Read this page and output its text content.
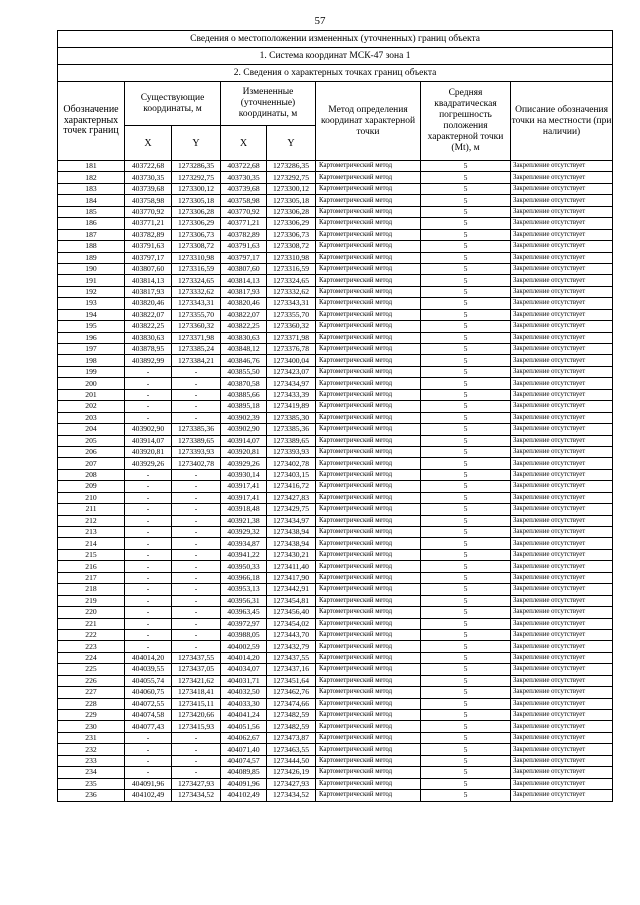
57
Сведения о местоположении измененных (уточненных) границ объекта							
1. Система координат МСК-47 зона 1							
2. Сведения о характерных точках границ объекта							
Обозначение характерных точек границ	Существующие координаты, м		Измененные (уточненные) координаты, м		Метод определения координат характерной точки	Средняя квадратическая погрешность положения характерной точки (Mt), м	Описание обозначения точки на местности (при наличии)
	X	Y	X	Y			
181	403722,68	1273286,35	403722,68	1273286,35	Картометрический метод	5	Закрепление отсутствует
182	403730,35	1273292,75	403730,35	1273292,75	Картометрический метод	5	Закрепление отсутствует
183	403739,68	1273300,12	403739,68	1273300,12	Картометрический метод	5	Закрепление отсутствует
184	403758,98	1273305,18	403758,98	1273305,18	Картометрический метод	5	Закрепление отсутствует
185	403770,92	1273306,28	403770,92	1273306,28	Картометрический метод	5	Закрепление отсутствует
186	403771,21	1273306,29	403771,21	1273306,29	Картометрический метод	5	Закрепление отсутствует
187	403782,89	1273306,73	403782,89	1273306,73	Картометрический метод	5	Закрепление отсутствует
188	403791,63	1273308,72	403791,63	1273308,72	Картометрический метод	5	Закрепление отсутствует
189	403797,17	1273310,98	403797,17	1273310,98	Картометрический метод	5	Закрепление отсутствует
190	403807,60	1273316,59	403807,60	1273316,59	Картометрический метод	5	Закрепление отсутствует
191	403814,13	1273324,65	403814,13	1273324,65	Картометрический метод	5	Закрепление отсутствует
192	403817,93	1273332,62	403817,93	1273332,62	Картометрический метод	5	Закрепление отсутствует
193	403820,46	1273343,31	403820,46	1273343,31	Картометрический метод	5	Закрепление отсутствует
194	403822,07	1273355,70	403822,07	1273355,70	Картометрический метод	5	Закрепление отсутствует
195	403822,25	1273360,32	403822,25	1273360,32	Картометрический метод	5	Закрепление отсутствует
196	403830,63	1273371,98	403830,63	1273371,98	Картометрический метод	5	Закрепление отсутствует
197	403878,95	1273385,24	403848,12	1273376,78	Картометрический метод	5	Закрепление отсутствует
198	403892,99	1273384,21	403846,76	1273400,04	Картометрический метод	5	Закрепление отсутствует
199	-	-	403855,50	1273423,07	Картометрический метод	5	Закрепление отсутствует
200	-	-	403870,58	1273434,97	Картометрический метод	5	Закрепление отсутствует
201	-	-	403885,66	1273433,39	Картометрический метод	5	Закрепление отсутствует
202	-	-	403895,18	1273419,89	Картометрический метод	5	Закрепление отсутствует
203	-	-	403902,39	1273385,30	Картометрический метод	5	Закрепление отсутствует
204	403902,90	1273385,36	403902,90	1273385,36	Картометрический метод	5	Закрепление отсутствует
205	403914,07	1273389,65	403914,07	1273389,65	Картометрический метод	5	Закрепление отсутствует
206	403920,81	1273393,93	403920,81	1273393,93	Картометрический метод	5	Закрепление отсутствует
207	403929,26	1273402,78	403929,26	1273402,78	Картометрический метод	5	Закрепление отсутствует
208	-	-	403930,14	1273403,15	Картометрический метод	5	Закрепление отсутствует
209	-	-	403917,41	1273416,72	Картометрический метод	5	Закрепление отсутствует
210	-	-	403917,41	1273427,83	Картометрический метод	5	Закрепление отсутствует
211	-	-	403918,48	1273429,75	Картометрический метод	5	Закрепление отсутствует
212	-	-	403921,38	1273434,97	Картометрический метод	5	Закрепление отсутствует
213	-	-	403929,32	1273438,94	Картометрический метод	5	Закрепление отсутствует
214	-	-	403934,87	1273438,94	Картометрический метод	5	Закрепление отсутствует
215	-	-	403941,22	1273430,21	Картометрический метод	5	Закрепление отсутствует
216	-	-	403950,33	1273411,40	Картометрический метод	5	Закрепление отсутствует
217	-	-	403966,18	1273417,90	Картометрический метод	5	Закрепление отсутствует
218	-	-	403953,13	1273442,91	Картометрический метод	5	Закрепление отсутствует
219	-	-	403956,31	1273454,81	Картометрический метод	5	Закрепление отсутствует
220	-	-	403963,45	1273456,40	Картометрический метод	5	Закрепление отсутствует
221	-	-	403972,97	1273454,02	Картометрический метод	5	Закрепление отсутствует
222	-	-	403988,05	1273443,70	Картометрический метод	5	Закрепление отсутствует
223	-	-	404002,59	1273432,79	Картометрический метод	5	Закрепление отсутствует
224	404014,20	1273437,55	404014,20	1273437,55	Картометрический метод	5	Закрепление отсутствует
225	404039,55	1273437,05	404034,07	1273437,16	Картометрический метод	5	Закрепление отсутствует
226	404055,74	1273421,62	404031,71	1273451,64	Картометрический метод	5	Закрепление отсутствует
227	404060,75	1273418,41	404032,50	1273462,76	Картометрический метод	5	Закрепление отсутствует
228	404072,55	1273415,11	404033,30	1273474,66	Картометрический метод	5	Закрепление отсутствует
229	404074,58	1273420,66	404041,24	1273482,59	Картометрический метод	5	Закрепление отсутствует
230	404077,43	1273415,93	404051,56	1273482,59	Картометрический метод	5	Закрепление отсутствует
231	-	-	404062,67	1273473,87	Картометрический метод	5	Закрепление отсутствует
232	-	-	404071,40	1273463,55	Картометрический метод	5	Закрепление отсутствует
233	-	-	404074,57	1273444,50	Картометрический метод	5	Закрепление отсутствует
234	-	-	404089,85	1273426,19	Картометрический метод	5	Закрепление отсутствует
235	404091,96	1273427,93	404091,96	1273427,93	Картометрический метод	5	Закрепление отсутствует
236	404102,49	1273434,52	404102,49	1273434,52	Картометрический метод	5	Закрепление отсутствует
